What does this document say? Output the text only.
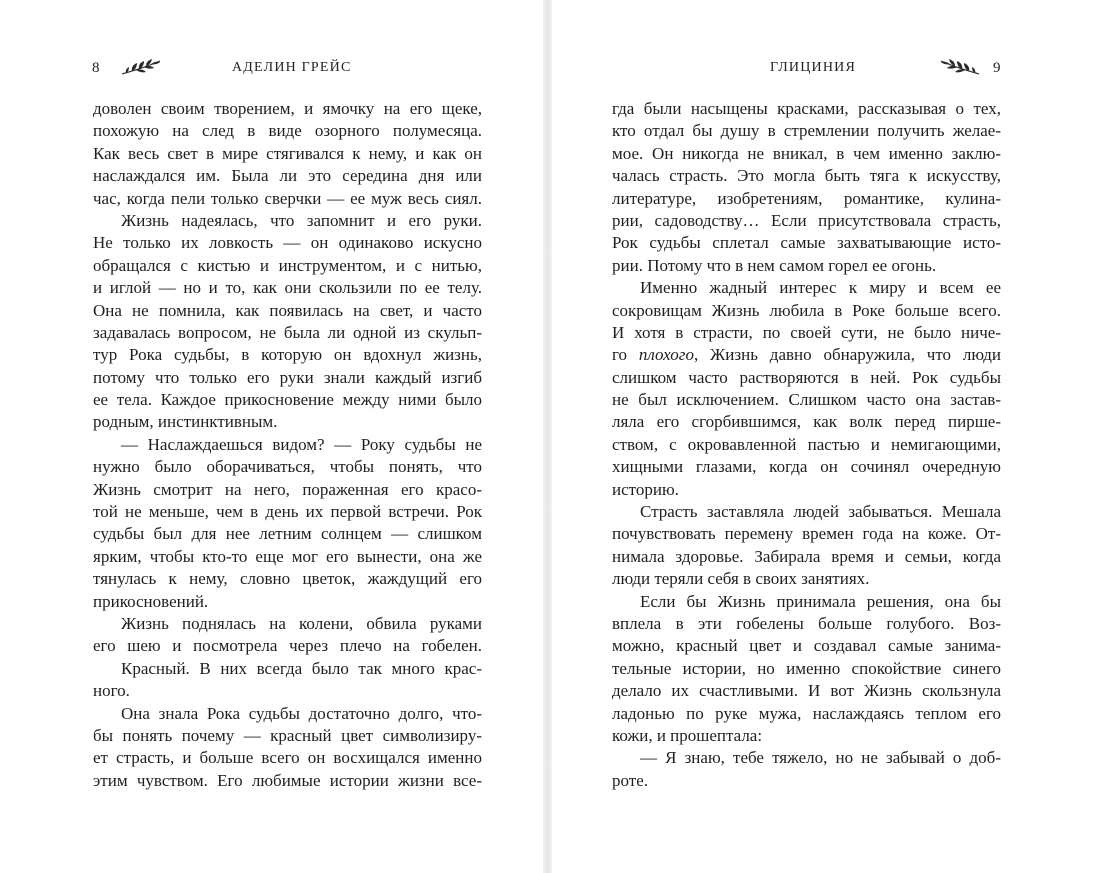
8	АДЕЛИН ГРЕЙС
доволен своим творением, и ямочку на его щеке,
похожую на след в виде озорного полумесяца.
Как весь свет в мире стягивался к нему, и как он
наслаждался им. Была ли это середина дня или
час, когда пели только сверчки — ее муж весь сиял.
Жизнь надеялась, что запомнит и его руки.
Не только их ловкость — он одинаково искусно
обращался с кистью и инструментом, и с нитью,
и иглой — но и то, как они скользили по ее телу.
Она не помнила, как появилась на свет, и часто
задавалась вопросом, не была ли одной из скульп-
тур Рока судьбы, в которую он вдохнул жизнь,
потому что только его руки знали каждый изгиб
ее тела. Каждое прикосновение между ними было
родным, инстинктивным.
— Наслаждаешься видом? — Року судьбы не
нужно было оборачиваться, чтобы понять, что
Жизнь смотрит на него, пораженная его красо-
той не меньше, чем в день их первой встречи. Рок
судьбы был для нее летним солнцем — слишком
ярким, чтобы кто-то еще мог его вынести, она же
тянулась к нему, словно цветок, жаждущий его
прикосновений.
Жизнь поднялась на колени, обвила руками
его шею и посмотрела через плечо на гобелен.
Красный. В них всегда было так много крас-
ного.
Она знала Рока судьбы достаточно долго, что-
бы понять почему — красный цвет символизиру-
ет страсть, и больше всего он восхищался именно
этим чувством. Его любимые истории жизни все-
ГЛИЦИНИЯ	9
гда были насыщены красками, рассказывая о тех,
кто отдал бы душу в стремлении получить желае-
мое. Он никогда не вникал, в чем именно заклю-
чалась страсть. Это могла быть тяга к искусству,
литературе, изобретениям, романтике, кулина-
рии, садоводству… Если присутствовала страсть,
Рок судьбы сплетал самые захватывающие исто-
рии. Потому что в нем самом горел ее огонь.
Именно жадный интерес к миру и всем ее
сокровищам Жизнь любила в Роке больше всего.
И хотя в страсти, по своей сути, не было ниче-
го плохого, Жизнь давно обнаружила, что люди
слишком часто растворяются в ней. Рок судьбы
не был исключением. Слишком часто она застав-
ляла его сгорбившимся, как волк перед пирше-
ством, с окровавленной пастью и немигающими,
хищными глазами, когда он сочинял очередную
историю.
Страсть заставляла людей забываться. Мешала
почувствовать перемену времен года на коже. От-
нимала здоровье. Забирала время и семьи, когда
люди теряли себя в своих занятиях.
Если бы Жизнь принимала решения, она бы
вплела в эти гобелены больше голубого. Воз-
можно, красный цвет и создавал самые занима-
тельные истории, но именно спокойствие синего
делало их счастливыми. И вот Жизнь скользнула
ладонью по руке мужа, наслаждаясь теплом его
кожи, и прошептала:
— Я знаю, тебе тяжело, но не забывай о доб-
роте.
